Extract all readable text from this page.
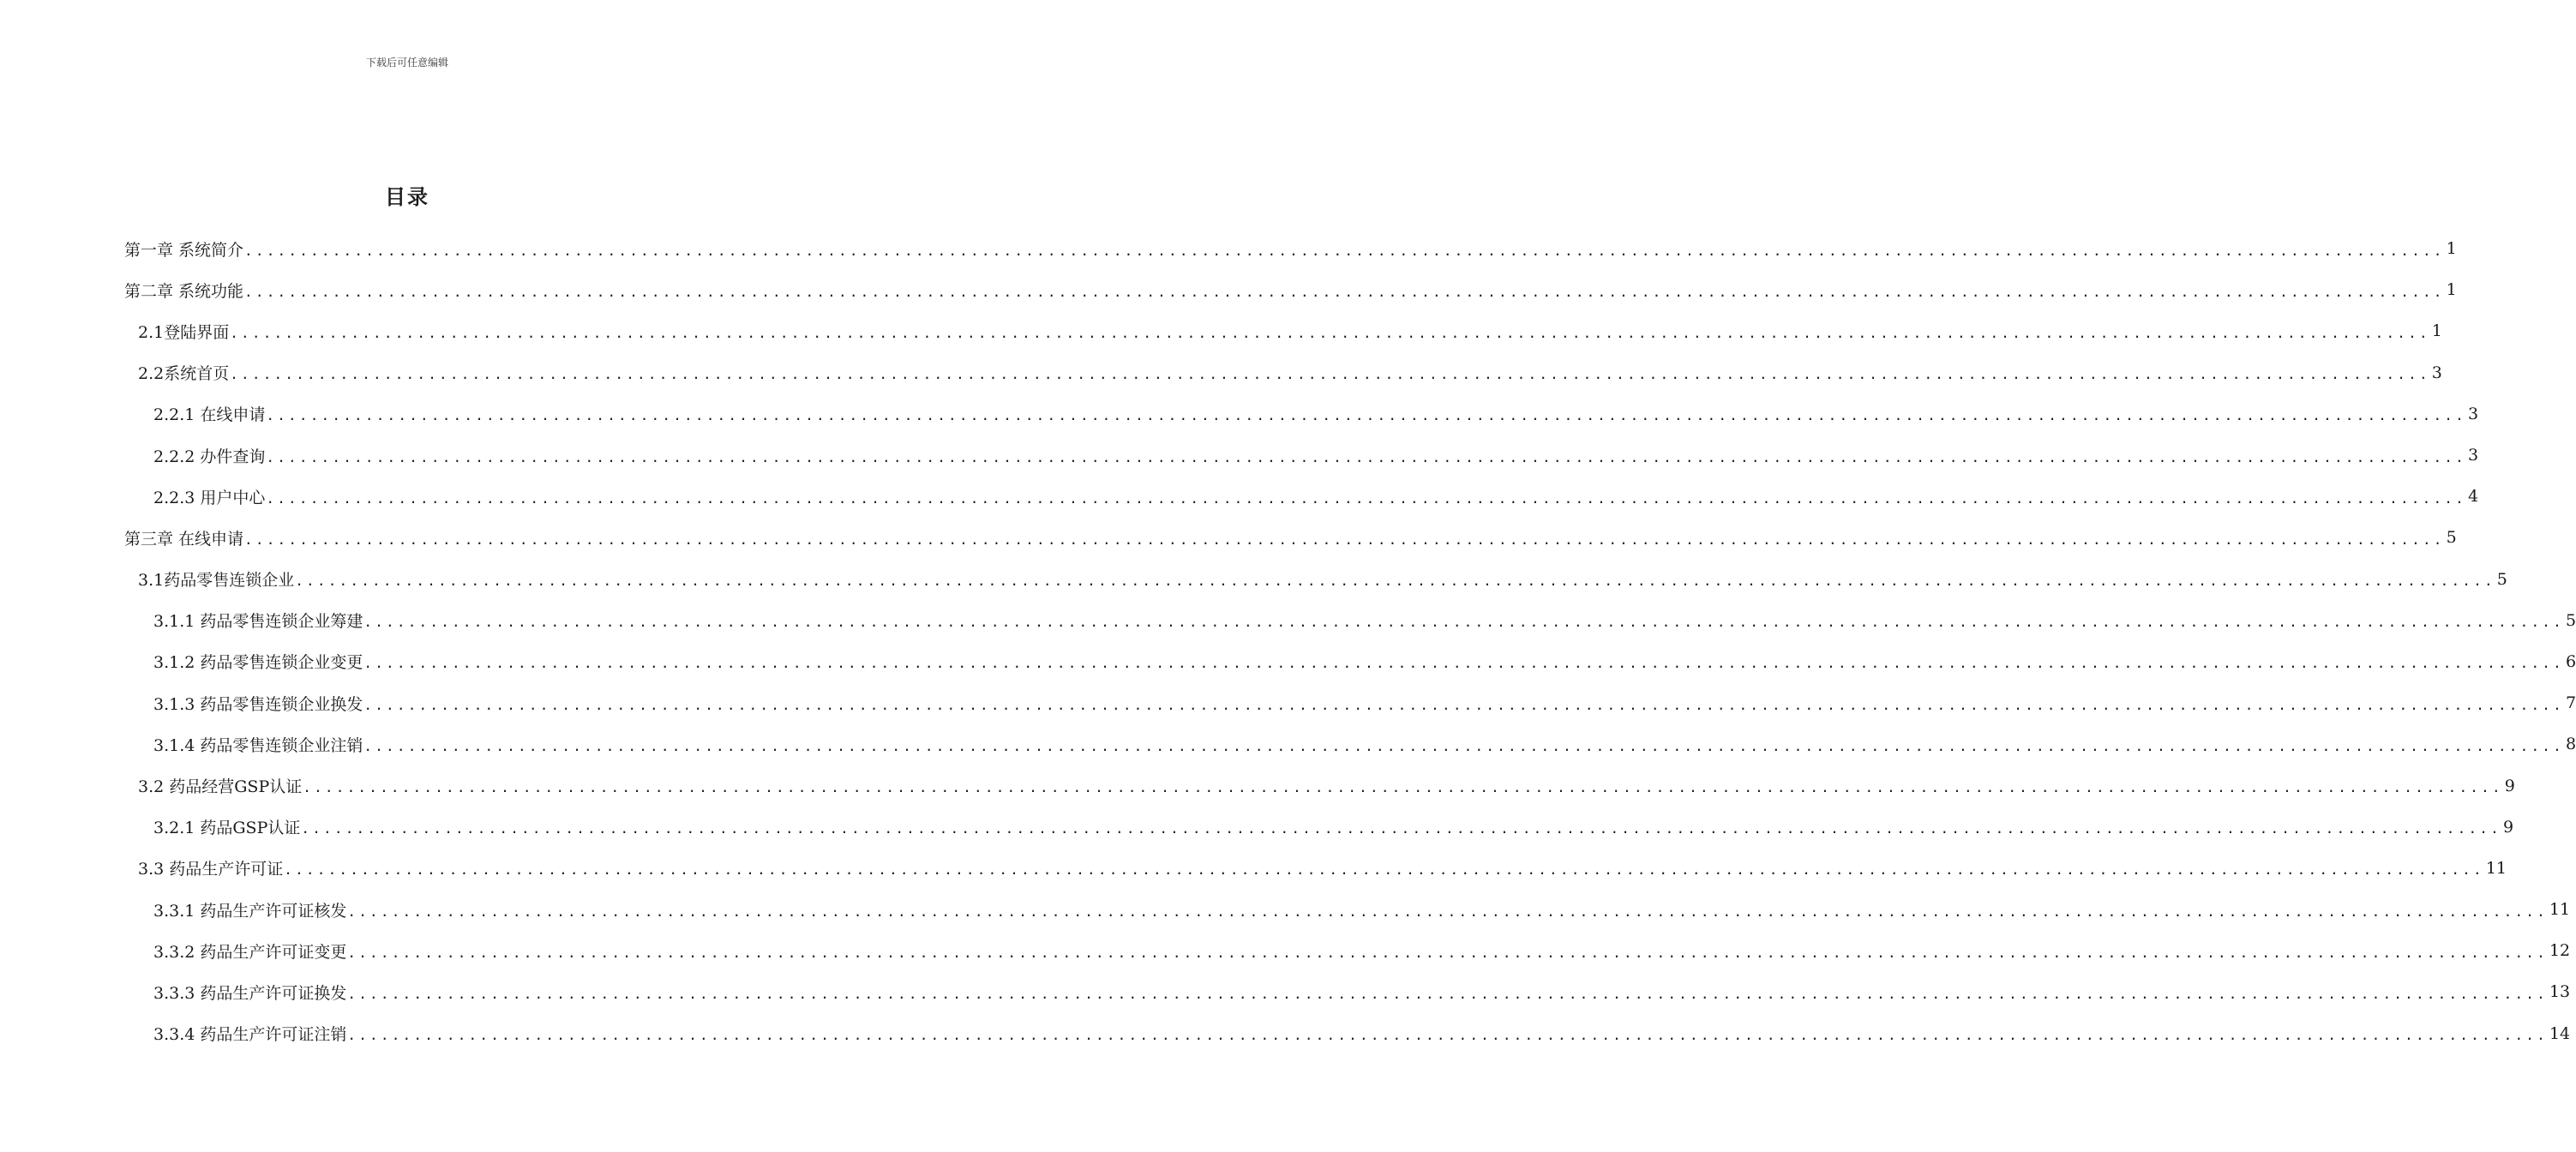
下载后可任意编辑
目录
第一章 系统简介 ........................................................................................................................................................................................................ 1
第二章 系统功能 ........................................................................................................................................................................................................ 1
2.1登陆界面 ........................................................................................................................................................................................................ 1
2.2系统首页 ........................................................................................................................................................................................................ 3
2.2.1 在线申请 ........................................................................................................................................................................................................ 3
2.2.2 办件查询 ........................................................................................................................................................................................................ 3
2.2.3 用户中心 ........................................................................................................................................................................................................ 4
第三章 在线申请 ........................................................................................................................................................................................................ 5
3.1药品零售连锁企业 ........................................................................................................................................................................................................ 5
3.1.1 药品零售连锁企业筹建 ........................................................................................................................................................................................................ 5
3.1.2 药品零售连锁企业变更 ........................................................................................................................................................................................................ 6
3.1.3 药品零售连锁企业换发 ........................................................................................................................................................................................................ 7
3.1.4 药品零售连锁企业注销 ........................................................................................................................................................................................................ 8
3.2 药品经营GSP认证 ........................................................................................................................................................................................................ 9
3.2.1 药品GSP认证 ........................................................................................................................................................................................................ 9
3.3 药品生产许可证 ........................................................................................................................................................................................................ 11
3.3.1 药品生产许可证核发 ........................................................................................................................................................................................................ 11
3.3.2 药品生产许可证变更 ........................................................................................................................................................................................................ 12
3.3.3 药品生产许可证换发 ........................................................................................................................................................................................................ 13
3.3.4 药品生产许可证注销 ........................................................................................................................................................................................................ 14
